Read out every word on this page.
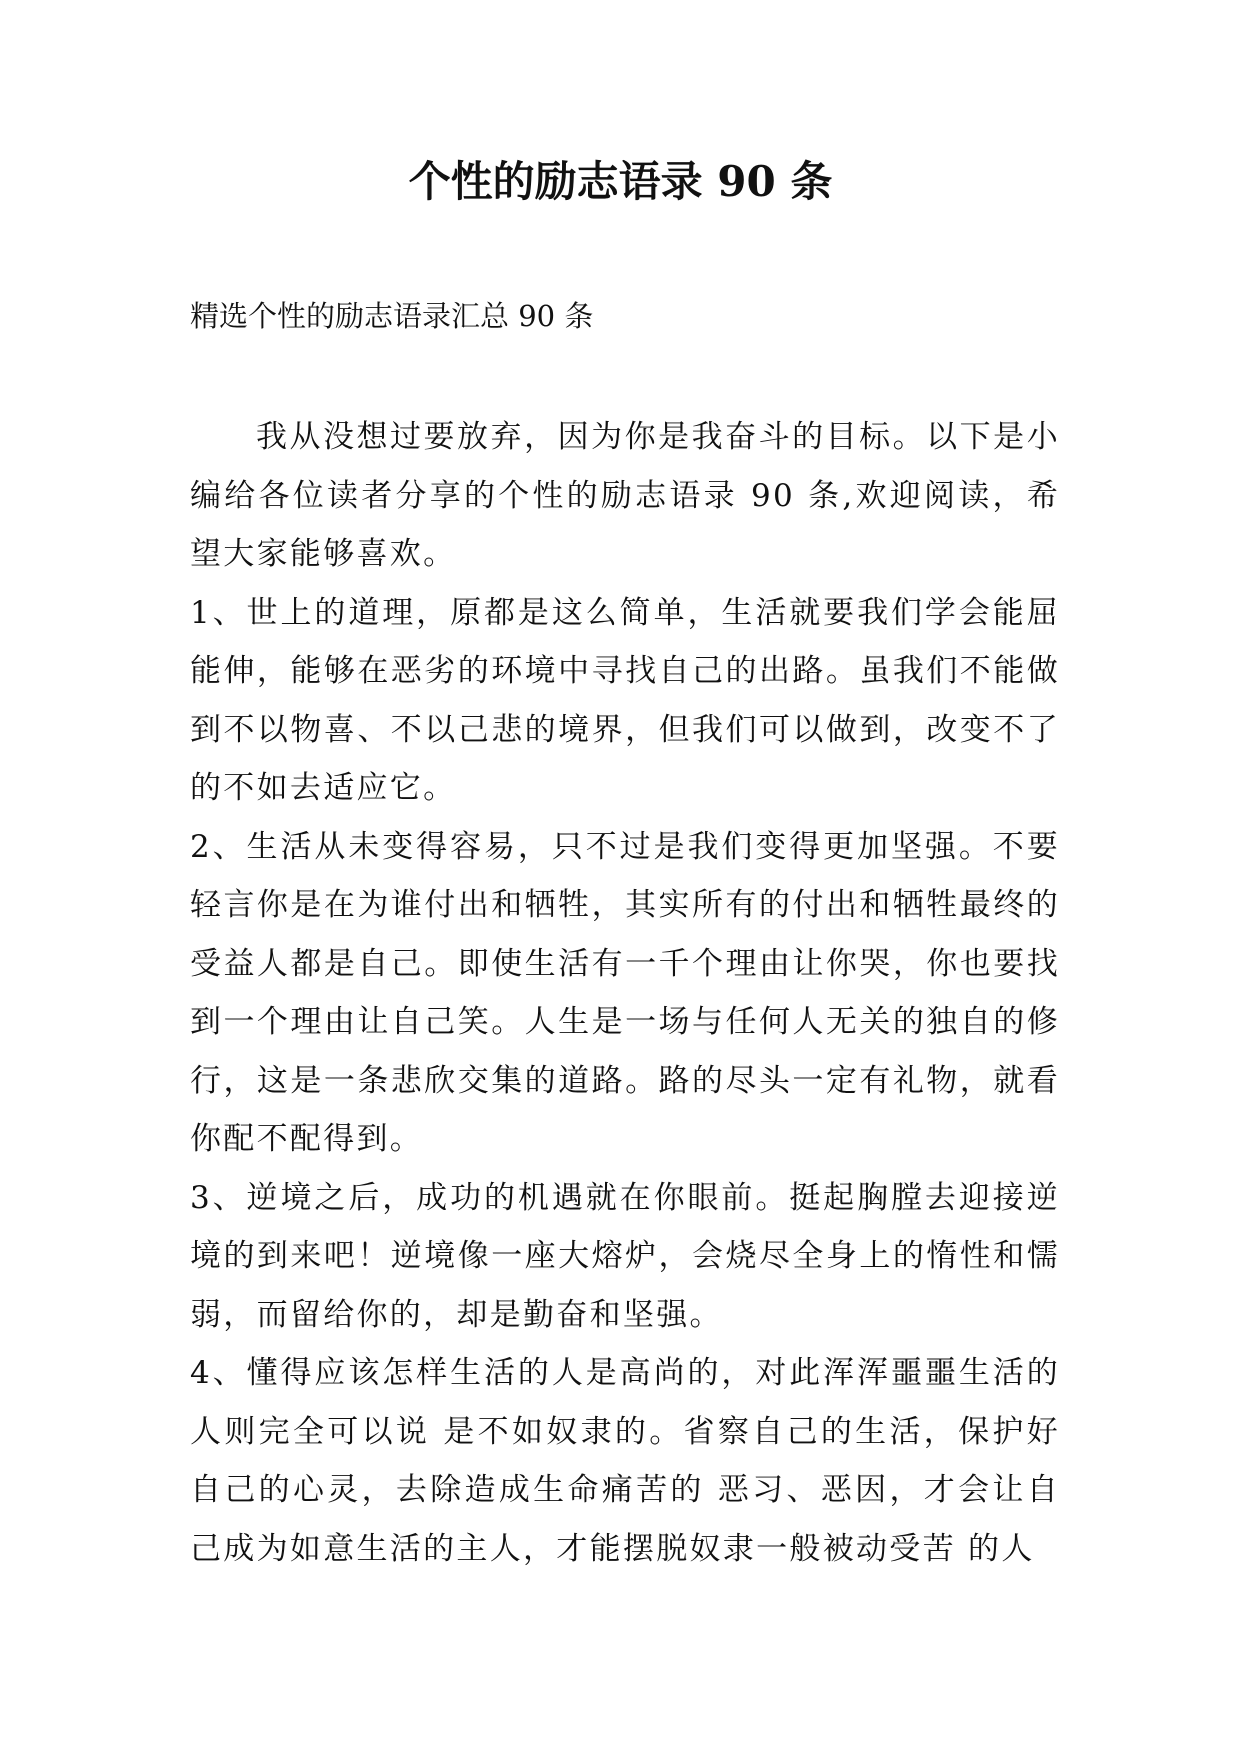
个性的励志语录 90 条

精选个性的励志语录汇总 90 条

我从没想过要放弃，因为你是我奋斗的目标。以下是小编给各位读者分享的个性的励志语录 90 条,欢迎阅读，希望大家能够喜欢。

1、世上的道理，原都是这么简单，生活就要我们学会能屈能伸，能够在恶劣的环境中寻找自己的出路。虽我们不能做到不以物喜、不以己悲的境界，但我们可以做到，改变不了的不如去适应它。

2、生活从未变得容易，只不过是我们变得更加坚强。不要轻言你是在为谁付出和牺牲，其实所有的付出和牺牲最终的受益人都是自己。即使生活有一千个理由让你哭，你也要找到一个理由让自己笑。人生是一场与任何人无关的独自的修行，这是一条悲欣交集的道路。路的尽头一定有礼物，就看你配不配得到。

3、逆境之后，成功的机遇就在你眼前。挺起胸膛去迎接逆境的到来吧！逆境像一座大熔炉，会烧尽全身上的惰性和懦弱，而留给你的，却是勤奋和坚强。

4、懂得应该怎样生活的人是高尚的，对此浑浑噩噩生活的人则完全可以说 是不如奴隶的。省察自己的生活，保护好自己的心灵，去除造成生命痛苦的 恶习、恶因，才会让自己成为如意生活的主人，才能摆脱奴隶一般被动受苦 的人
